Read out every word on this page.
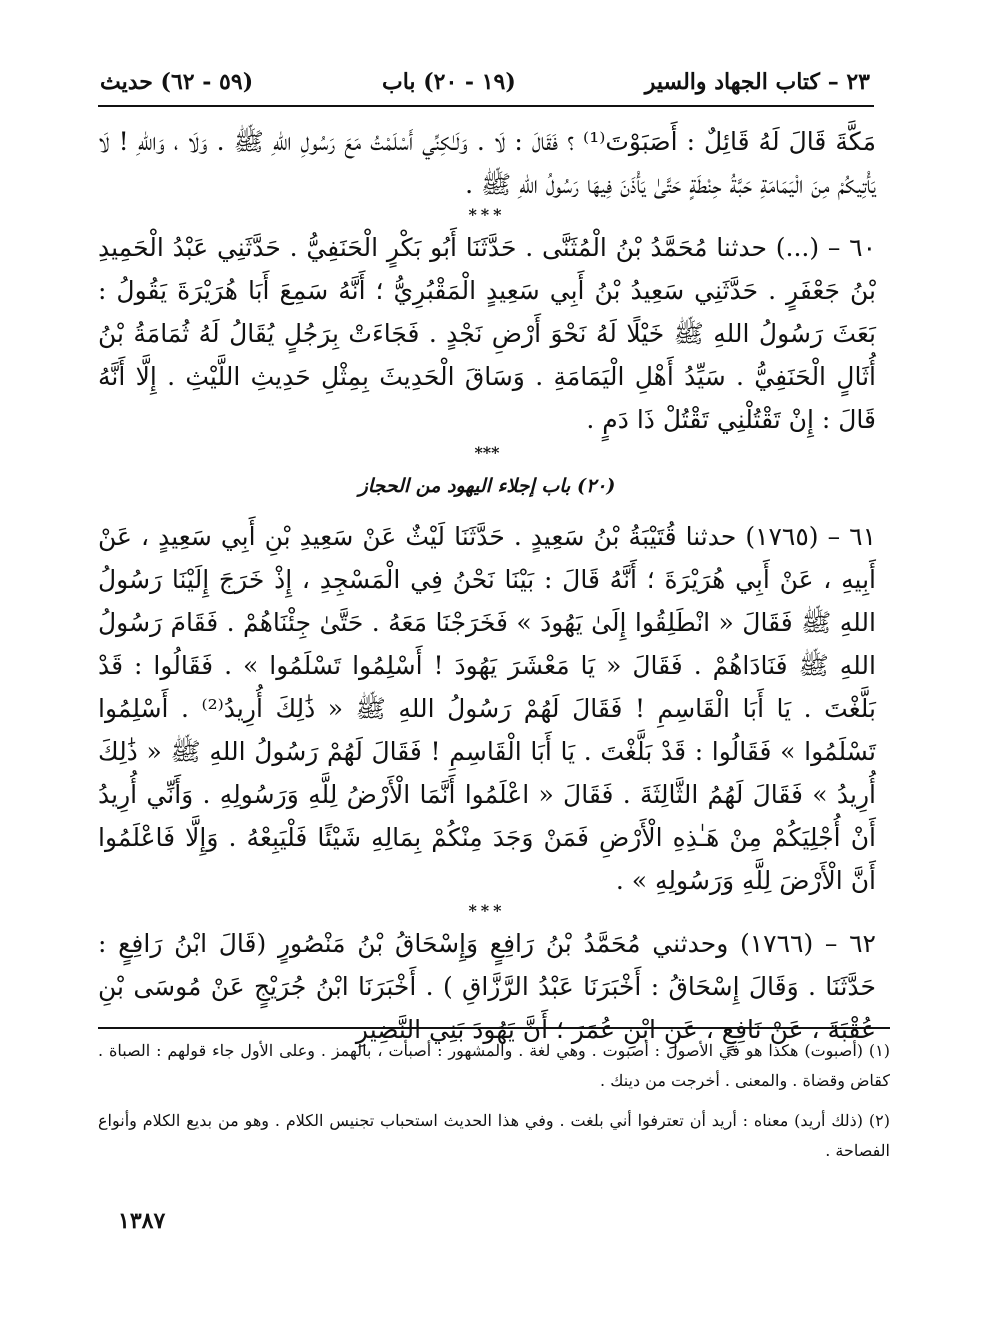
٢٣ – كتاب الجهاد والسير
(١٩ - ٢٠) باب
(٥٩ - ٦٢) حديث

مَكَّةَ قَالَ لَهُ قَائِلٌ : أَصَبَوْتَ⁽¹⁾ ؟ فَقَالَ : لَا . وَلَـٰكِنِّي أَسْلَمْتُ مَعَ رَسُولِ اللهِ ﷺ . وَلَا ، وَاللهِ ! لَا يَأْتِيكُمْ مِنَ الْيَمَامَةِ حَبَّةُ حِنْطَةٍ حَتَّىٰ يَأْذَنَ فِيهَا رَسُولُ اللهِ ﷺ .

***

٦٠ – (...) حدثنا مُحَمَّدُ بْنُ الْمُثَنَّى . حَدَّثَنَا أَبُو بَكْرٍ الْحَنَفِيُّ . حَدَّثَنِي عَبْدُ الْحَمِيدِ بْنُ جَعْفَرٍ . حَدَّثَنِي سَعِيدُ بْنُ أَبِي سَعِيدٍ الْمَقْبُرِيُّ ؛ أَنَّهُ سَمِعَ أَبَا هُرَيْرَةَ يَقُولُ : بَعَثَ رَسُولُ اللهِ ﷺ خَيْلًا لَهُ نَحْوَ أَرْضِ نَجْدٍ . فَجَاءَتْ بِرَجُلٍ يُقَالُ لَهُ ثُمَامَةُ بْنُ أُثَالٍ الْحَنَفِيُّ . سَيِّدُ أَهْلِ الْيَمَامَةِ . وَسَاقَ الْحَدِيثَ بِمِثْلِ حَدِيثِ اللَّيْثِ . إِلَّا أَنَّهُ قَالَ : إِنْ تَقْتُلْنِي تَقْتُلْ ذَا دَمٍ .

***
(٢٠) باب إجلاء اليهود من الحجاز

٦١ – (١٧٦٥) حدثنا قُتَيْبَةُ بْنُ سَعِيدٍ . حَدَّثَنَا لَيْثٌ عَنْ سَعِيدِ بْنِ أَبِي سَعِيدٍ ، عَنْ أَبِيهِ ، عَنْ أَبِي هُرَيْرَةَ ؛ أَنَّهُ قَالَ : بَيْنَا نَحْنُ فِي الْمَسْجِدِ ، إِذْ خَرَجَ إِلَيْنَا رَسُولُ اللهِ ﷺ فَقَالَ « انْطَلِقُوا إِلَىٰ يَهُودَ » فَخَرَجْنَا مَعَهُ . حَتَّىٰ جِئْنَاهُمْ . فَقَامَ رَسُولُ اللهِ ﷺ فَنَادَاهُمْ . فَقَالَ « يَا مَعْشَرَ يَهُودَ ! أَسْلِمُوا تَسْلَمُوا » . فَقَالُوا : قَدْ بَلَّغْتَ . يَا أَبَا الْقَاسِمِ ! فَقَالَ لَهُمْ رَسُولُ اللهِ ﷺ « ذَٰلِكَ أُرِيدُ⁽²⁾ . أَسْلِمُوا تَسْلَمُوا » فَقَالُوا : قَدْ بَلَّغْتَ . يَا أَبَا الْقَاسِمِ ! فَقَالَ لَهُمْ رَسُولُ اللهِ ﷺ « ذَٰلِكَ أُرِيدُ » فَقَالَ لَهُمُ الثَّالِثَةَ . فَقَالَ « اعْلَمُوا أَنَّمَا الْأَرْضُ لِلَّهِ وَرَسُولِهِ . وَأَنِّي أُرِيدُ أَنْ أُجْلِيَكُمْ مِنْ هَـٰذِهِ الْأَرْضِ فَمَنْ وَجَدَ مِنْكُمْ بِمَالِهِ شَيْئًا فَلْيَبِعْهُ . وَإِلَّا فَاعْلَمُوا أَنَّ الْأَرْضَ لِلَّهِ وَرَسُولِهِ » .

***

٦٢ – (١٧٦٦) وحدثني مُحَمَّدُ بْنُ رَافِعٍ وَإِسْحَاقُ بْنُ مَنْصُورٍ (قَالَ ابْنُ رَافِعٍ : حَدَّثَنَا . وَقَالَ إِسْحَاقُ : أَخْبَرَنَا عَبْدُ الرَّزَّاقِ ) . أَخْبَرَنَا ابْنُ جُرَيْجٍ عَنْ مُوسَى بْنِ عُقْبَةَ ، عَنْ نَافِعٍ ، عَنِ ابْنِ عُمَرَ ؛ أَنَّ يَهُودَ بَنِي النَّضِيرِ

(١) (أصبوت) هكذا هو في الأصول : أصبوت . وهي لغة . والمشهور : أصبأت ، بالهمز . وعلى الأول جاء قولهم : الصباة . كقاض وقضاة . والمعنى . أخرجت من دينك .

(٢) (ذلك أريد) معناه : أريد أن تعترفوا أني بلغت . وفي هذا الحديث استحباب تجنيس الكلام . وهو من بديع الكلام وأنواع الفصاحة .

١٣٨٧
